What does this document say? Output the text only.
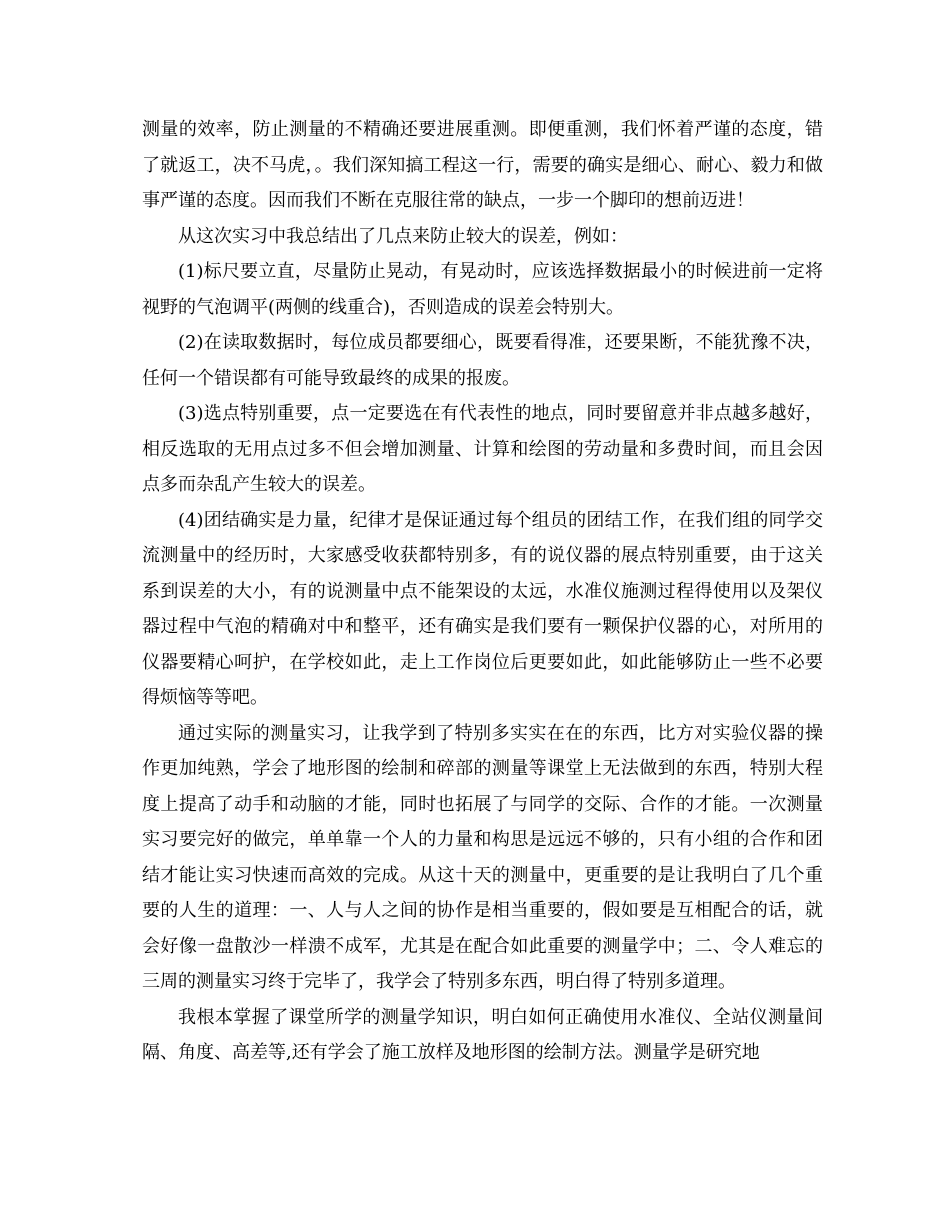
测量的效率，防止测量的不精确还要进展重测。即便重测，我们怀着严谨的态度，错了就返工，决不马虎，。我们深知搞工程这一行，需要的确实是细心、耐心、毅力和做事严谨的态度。因而我们不断在克服往常的缺点，一步一个脚印的想前迈进！

从这次实习中我总结出了几点来防止较大的误差，例如：

(1)标尺要立直，尽量防止晃动，有晃动时，应该选择数据最小的时候进前一定将视野的气泡调平(两侧的线重合)，否则造成的误差会特别大。

(2)在读取数据时，每位成员都要细心，既要看得准，还要果断，不能犹豫不决，任何一个错误都有可能导致最终的成果的报废。

(3)选点特别重要，点一定要选在有代表性的地点，同时要留意并非点越多越好，相反选取的无用点过多不但会增加测量、计算和绘图的劳动量和多费时间，而且会因点多而杂乱产生较大的误差。

(4)团结确实是力量，纪律才是保证通过每个组员的团结工作，在我们组的同学交流测量中的经历时，大家感受收获都特别多，有的说仪器的展点特别重要，由于这关系到误差的大小，有的说测量中点不能架设的太远，水准仪施测过程得使用以及架仪器过程中气泡的精确对中和整平，还有确实是我们要有一颗保护仪器的心，对所用的仪器要精心呵护，在学校如此，走上工作岗位后更要如此，如此能够防止一些不必要得烦恼等等吧。

通过实际的测量实习，让我学到了特别多实实在在的东西，比方对实验仪器的操作更加纯熟，学会了地形图的绘制和碎部的测量等课堂上无法做到的东西，特别大程度上提高了动手和动脑的才能，同时也拓展了与同学的交际、合作的才能。一次测量实习要完好的做完，单单靠一个人的力量和构思是远远不够的，只有小组的合作和团结才能让实习快速而高效的完成。从这十天的测量中，更重要的是让我明白了几个重要的人生的道理：一、人与人之间的协作是相当重要的，假如要是互相配合的话，就会好像一盘散沙一样溃不成军，尤其是在配合如此重要的测量学中；二、令人难忘的三周的测量实习终于完毕了，我学会了特别多东西，明白得了特别多道理。

我根本掌握了课堂所学的测量学知识，明白如何正确使用水准仪、全站仪测量间隔、角度、高差等,还有学会了施工放样及地形图的绘制方法。测量学是研究地
